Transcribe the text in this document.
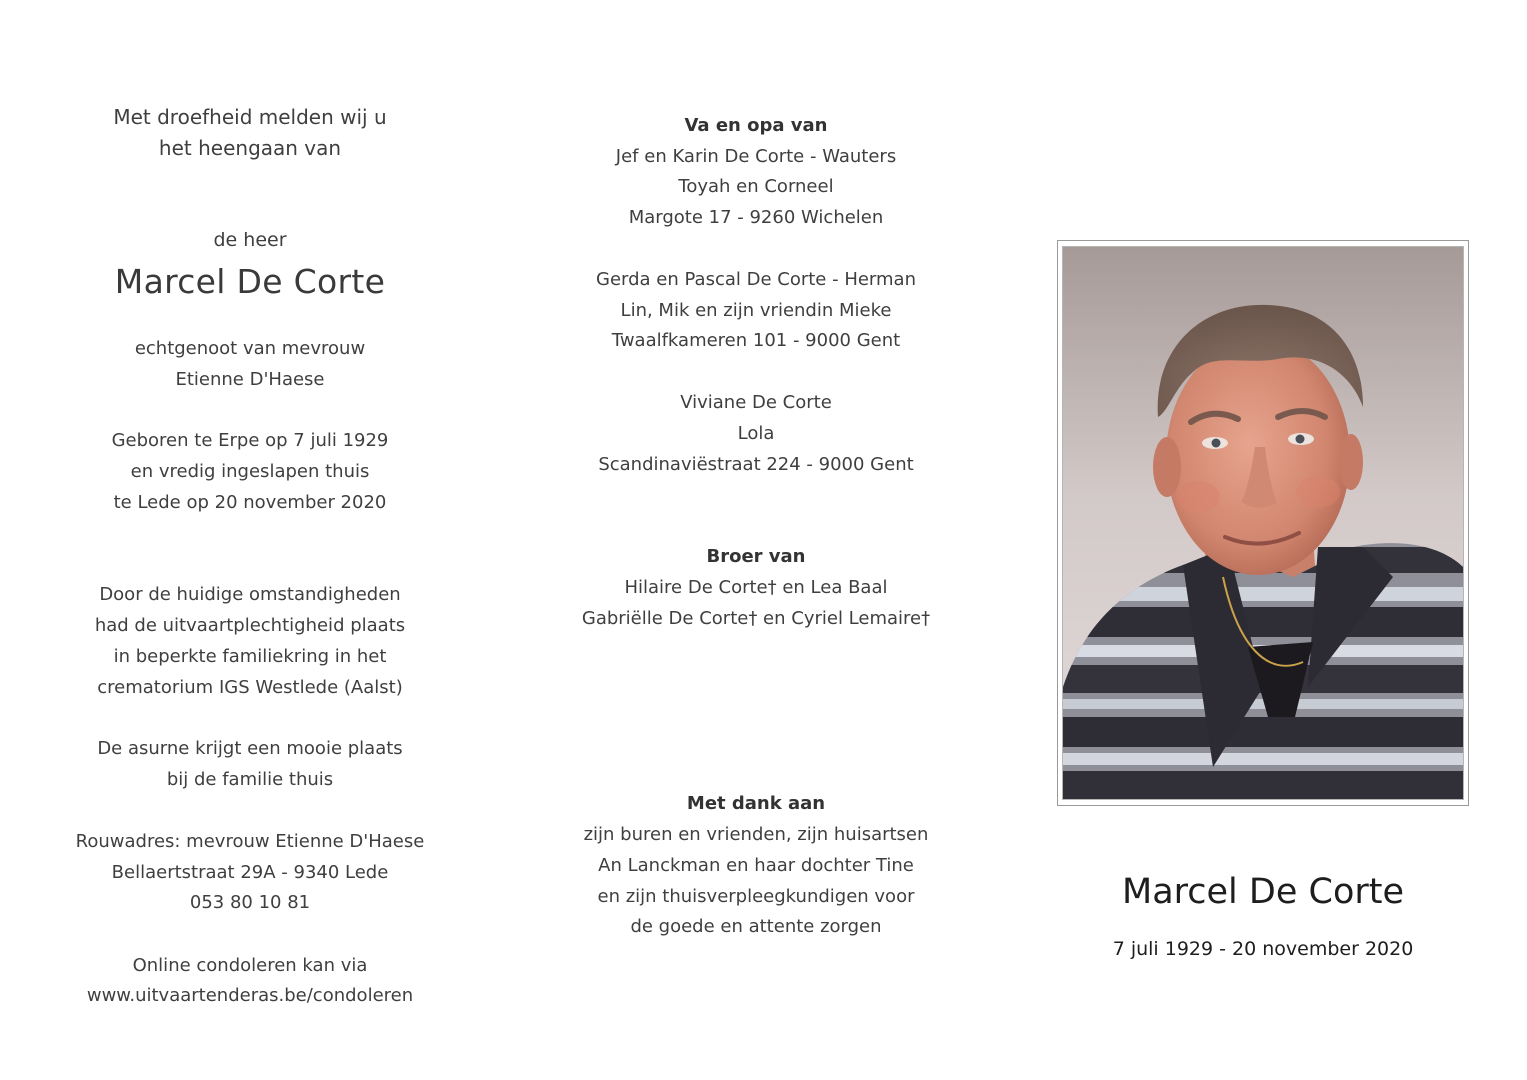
Met droefheid melden wij u
het heengaan van
de heer
Marcel De Corte
echtgenoot van mevrouw
Etienne D'Haese
Geboren te Erpe op 7 juli 1929
en vredig ingeslapen thuis
te Lede op 20 november 2020
Door de huidige omstandigheden
had de uitvaartplechtigheid plaats
in beperkte familiekring in het
crematorium IGS Westlede (Aalst)
De asurne krijgt een mooie plaats
bij de familie thuis
Rouwadres: mevrouw Etienne D'Haese
Bellaertstraat 29A - 9340 Lede
053 80 10 81
Online condoleren kan via
www.uitvaartenderas.be/condoleren
Va en opa van
Jef en Karin De Corte - Wauters
Toyah en Corneel
Margote 17 - 9260 Wichelen
Gerda en Pascal De Corte - Herman
Lin, Mik en zijn vriendin Mieke
Twaalfkameren 101 - 9000 Gent
Viviane De Corte
Lola
Scandinaviëstraat 224 - 9000 Gent
Broer van
Hilaire De Corte† en Lea Baal
Gabriëlle De Corte† en Cyriel Lemaire†
Met dank aan
zijn buren en vrienden, zijn huisartsen
An Lanckman en haar dochter Tine
en zijn thuisverpleegkundigen voor
de goede en attente zorgen
Marcel De Corte
7 juli 1929 - 20 november 2020
